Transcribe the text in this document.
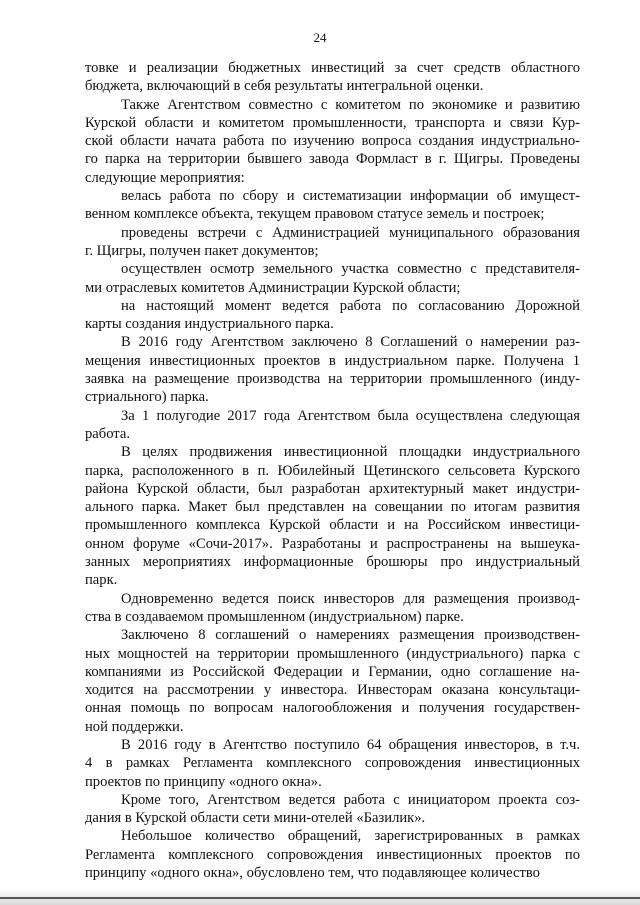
24
товке и реализации бюджетных инвестиций за счет средств областного
бюджета, включающий в себя результаты интегральной оценки.
Также Агентством совместно с комитетом по экономике и развитию
Курской области и комитетом промышленности, транспорта и связи Кур-
ской области начата работа по изучению вопроса создания индустриально-
го парка на территории бывшего завода Формласт в г. Щигры. Проведены
следующие мероприятия:
велась работа по сбору и систематизации информации об имущест-
венном комплексе объекта, текущем правовом статусе земель и построек;
проведены встречи с Администрацией муниципального образования
г. Щигры, получен пакет документов;
осуществлен осмотр земельного участка совместно с представителя-
ми отраслевых комитетов Администрации Курской области;
на настоящий момент ведется работа по согласованию Дорожной
карты создания индустриального парка.
В 2016 году Агентством заключено 8 Соглашений о намерении раз-
мещения инвестиционных проектов в индустриальном парке. Получена 1
заявка на размещение производства на территории промышленного (инду-
стриального) парка.
За 1 полугодие 2017 года Агентством была осуществлена следующая
работа.
В целях продвижения инвестиционной площадки индустриального
парка, расположенного в п. Юбилейный Щетинского сельсовета Курского
района Курской области, был разработан архитектурный макет индустри-
ального парка. Макет был представлен на совещании по итогам развития
промышленного комплекса Курской области и на Российском инвестици-
онном форуме «Сочи-2017». Разработаны и распространены на вышеука-
занных мероприятиях информационные брошюры про индустриальный
парк.
Одновременно ведется поиск инвесторов для размещения производ-
ства в создаваемом промышленном (индустриальном) парке.
Заключено 8 соглашений о намерениях размещения производствен-
ных мощностей на территории промышленного (индустриального) парка с
компаниями из Российской Федерации и Германии, одно соглашение на-
ходится на рассмотрении у инвестора. Инвесторам оказана консультаци-
онная помощь по вопросам налогообложения и получения государствен-
ной поддержки.
В 2016 году в Агентство поступило 64 обращения инвесторов, в т.ч.
4 в рамках Регламента комплексного сопровождения инвестиционных
проектов по принципу «одного окна».
Кроме того, Агентством ведется работа с инициатором проекта соз-
дания в Курской области сети мини-отелей «Базилик».
Небольшое количество обращений, зарегистрированных в рамках
Регламента комплексного сопровождения инвестиционных проектов по
принципу «одного окна», обусловлено тем, что подавляющее количество
